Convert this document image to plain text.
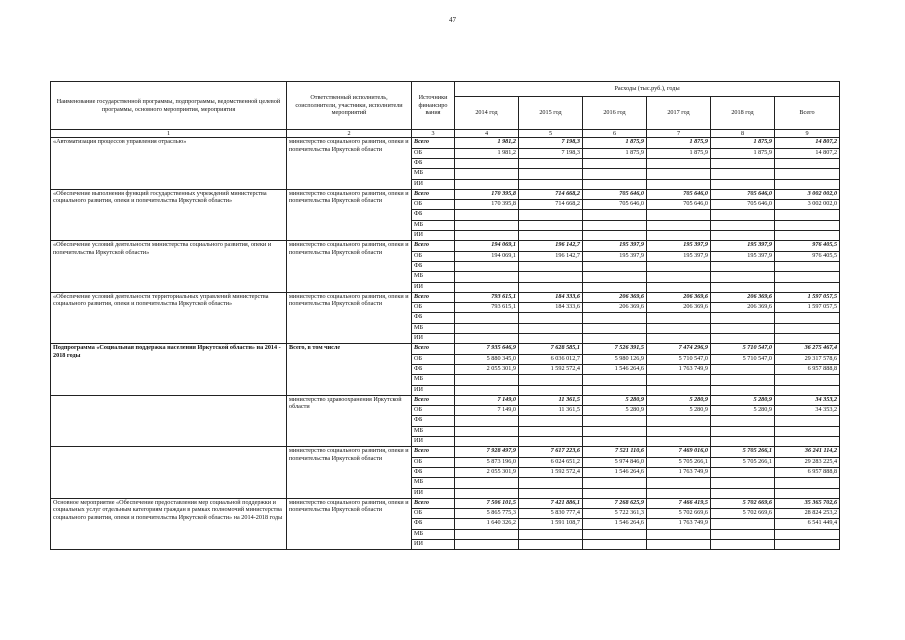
47
Наименование государственной программы, подпрограммы, ведомственной целевой программы, основного мероприятия, мероприятия	Ответственный исполнитель, соисполнители, участники, исполнители мероприятий	Источники финансиро вания	Расходы (тыс.руб.), годы					
			2014 год	2015 год	2016 год	2017 год	2018 год	Всего
1	2	3	4	5	6	7	8	9
«Автоматизация процессов управления отраслью»	министерство социального развития, опеки и попечительства Иркутской области	Всего	1 981,2	7 198,3	1 875,9	1 875,9	1 875,9	14 807,2
		ОБ	1 981,2	7 198,3	1 875,9	1 875,9	1 875,9	14 807,2
		ФБ						
		МБ						
		ИИ						
«Обеспечение выполнения функций государственных учреждений министерства социального развития, опеки и попечительства Иркутской области»	министерство социального развития, опеки и попечительства Иркутской области	Всего	170 395,8	714 668,2	705 646,0	705 646,0	705 646,0	3 002 002,0
		ОБ	170 395,8	714 668,2	705 646,0	705 646,0	705 646,0	3 002 002,0
		ФБ						
		МБ						
		ИИ						
«Обеспечение условий деятельности министерства социального развития, опеки и попечительства Иркутской области»	министерство социального развития, опеки и попечительства Иркутской области	Всего	194 069,1	196 142,7	195 397,9	195 397,9	195 397,9	976 405,5
		ОБ	194 069,1	196 142,7	195 397,9	195 397,9	195 397,9	976 405,5
		ФБ						
		МБ						
		ИИ						
«Обеспечение условий деятельности территориальных управлений министерства социального развития, опеки и попечительства Иркутской области»	министерство социального развития, опеки и попечительства Иркутской области	Всего	793 615,1	184 333,6	206 369,6	206 369,6	206 369,6	1 597 057,5
		ОБ	793 615,1	184 333,6	206 369,6	206 369,6	206 369,6	1 597 057,5
		ФБ						
		МБ						
		ИИ						
Подпрограмма «Социальная поддержка населения Иркутской области» на 2014 - 2018 годы	Всего, в том числе	Всего	7 935 646,9	7 628 585,1	7 526 391,5	7 474 296,9	5 710 547,0	36 275 467,4
		ОБ	5 880 345,0	6 036 012,7	5 980 126,9	5 710 547,0	5 710 547,0	29 317 578,6
		ФБ	2 055 301,9	1 592 572,4	1 546 264,6	1 763 749,9		6 957 888,8
		МБ						
		ИИ						
	министерство здравоохранения Иркутской области	Всего	7 149,0	11 361,5	5 280,9	5 280,9	5 280,9	34 353,2
		ОБ	7 149,0	11 361,5	5 280,9	5 280,9	5 280,9	34 353,2
		ФБ						
		МБ						
		ИИ						
	министерство социального развития, опеки и попечительства Иркутской области	Всего	7 928 497,9	7 617 223,6	7 521 110,6	7 469 016,0	5 705 266,1	36 241 114,2
		ОБ	5 873 196,0	6 024 651,2	5 974 846,0	5 705 266,1	5 705 266,1	29 283 225,4
		ФБ	2 055 301,9	1 592 572,4	1 546 264,6	1 763 749,9		6 957 888,8
		МБ						
		ИИ						
Основное мероприятие «Обеспечение предоставления мер социальной поддержки и социальных услуг отдельным категориям граждан в рамках полномочий министерства социального развития, опеки и попечительства Иркутской области» на 2014-2018 годы	министерство социального развития, опеки и попечительства Иркутской области	Всего	7 506 101,5	7 421 886,1	7 268 625,9	7 466 419,5	5 702 669,6	35 365 702,6
		ОБ	5 865 775,3	5 830 777,4	5 722 361,3	5 702 669,6	5 702 669,6	28 824 253,2
		ФБ	1 640 326,2	1 591 108,7	1 546 264,6	1 763 749,9		6 541 449,4
		МБ						
		ИИ						
